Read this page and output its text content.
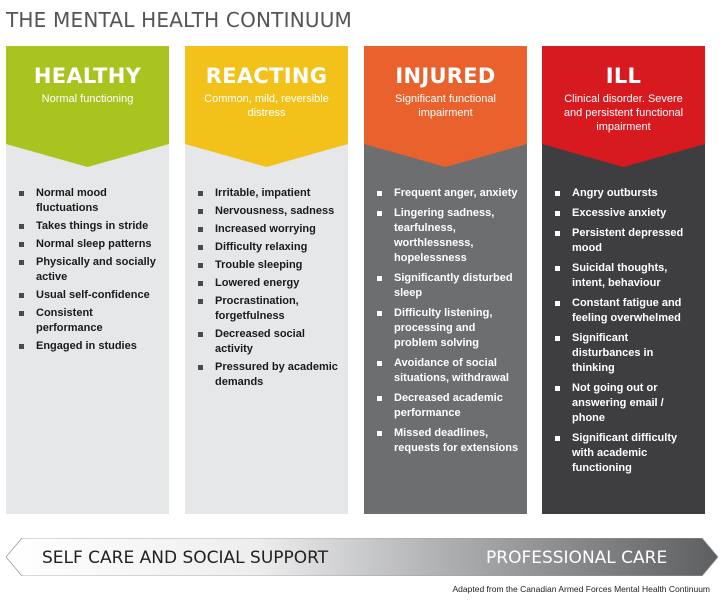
THE MENTAL HEALTH CONTINUUM
Normal mood fluctuations
Takes things in stride
Normal sleep patterns
Physically and socially active
Usual self-confidence
Consistent performance
Engaged in studies
HEALTHY
Normal functioning
Irritable, impatient
Nervousness, sadness
Increased worrying
Difficulty relaxing
Trouble sleeping
Lowered energy
Procrastination, forgetfulness
Decreased social activity
Pressured by academic demands
REACTING
Common, mild, reversible distress
Frequent anger, anxiety
Lingering sadness, tearfulness, worthlessness, hopelessness
Significantly disturbed sleep
Difficulty listening, processing and problem solving
Avoidance of social situations, withdrawal
Decreased academic performance
Missed deadlines, requests for extensions
INJURED
Significant functional impairment
Angry outbursts
Excessive anxiety
Persistent depressed mood
Suicidal thoughts, intent, behaviour
Constant fatigue and feeling overwhelmed
Significant disturbances in thinking
Not going out or answering email / phone
Significant difficulty with academic functioning
ILL
Clinical disorder. Severe and persistent functional impairment
SELF CARE AND SOCIAL SUPPORT	PROFESSIONAL CARE
Adapted from the Canadian Armed Forces Mental Health Continuum
